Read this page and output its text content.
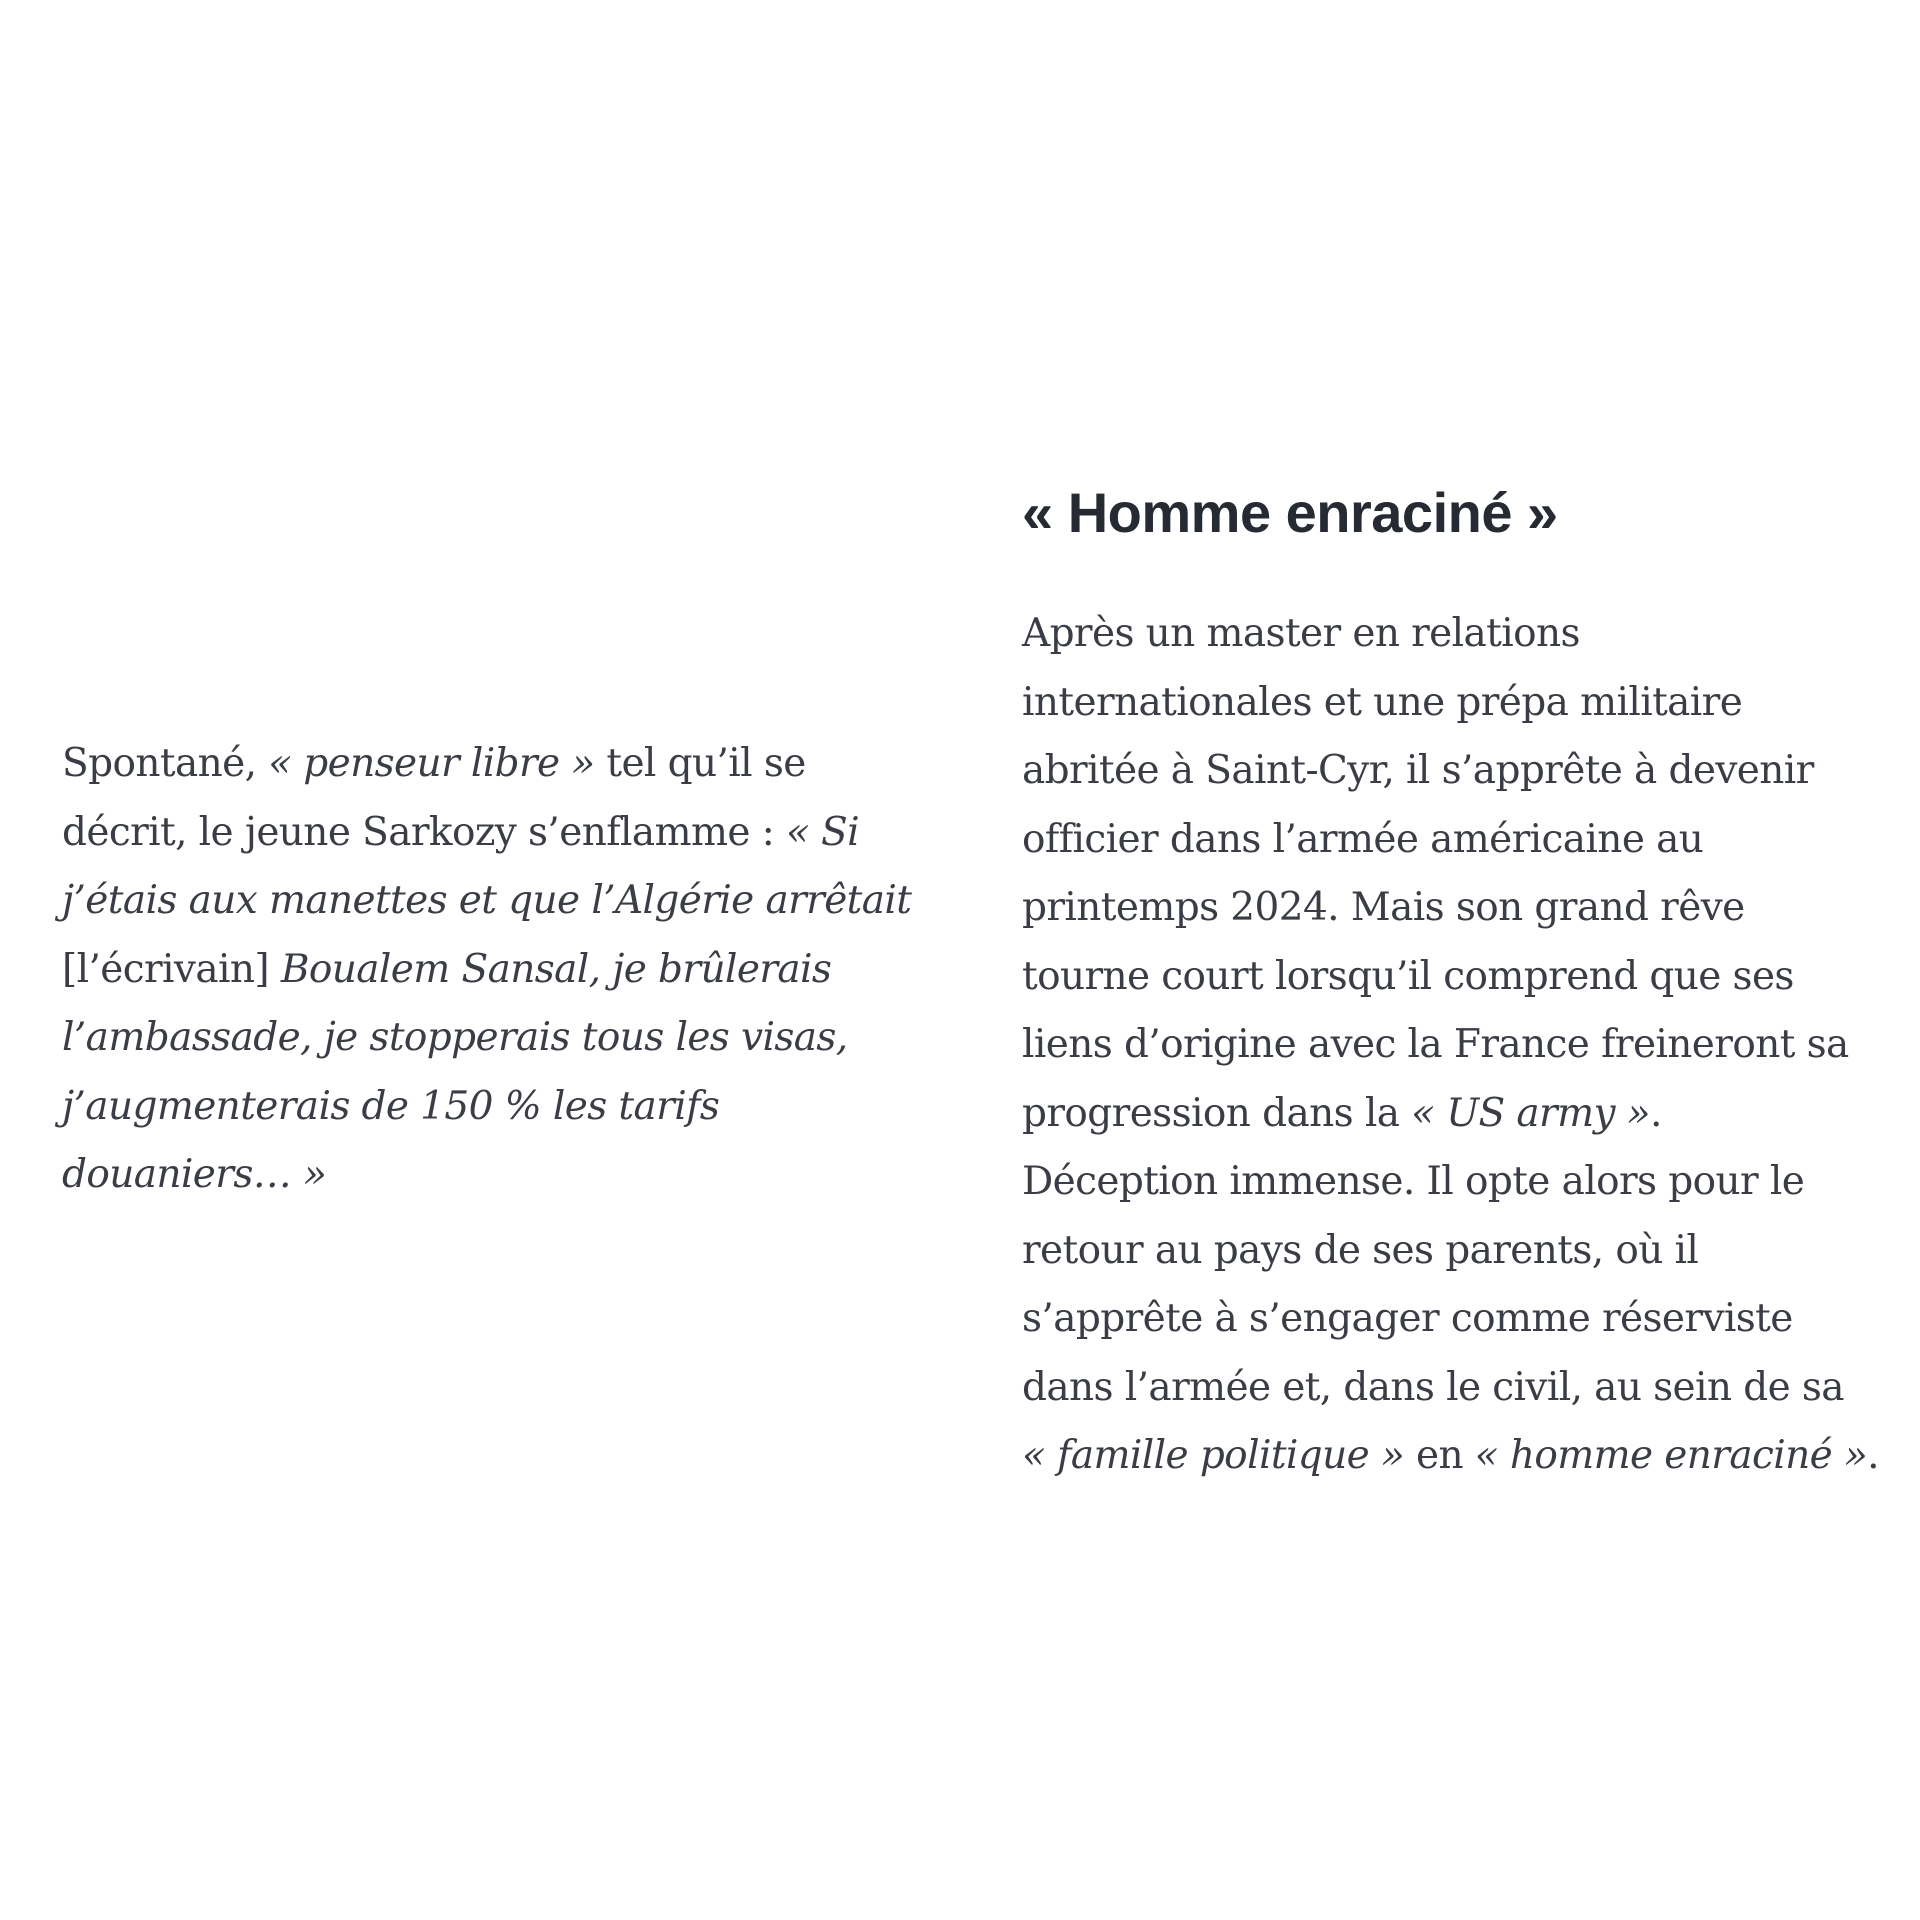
Spontané, « penseur libre » tel qu’il se
décrit, le jeune Sarkozy s’enflamme : « Si
j’étais aux manettes et que l’Algérie arrêtait
[l’écrivain] Boualem Sansal, je brûlerais
l’ambassade, je stopperais tous les visas,
j’augmenterais de 150 % les tarifs
douaniers… »
« Homme enraciné »
Après un master en relations
internationales et une prépa militaire
abritée à Saint-Cyr, il s’apprête à devenir
officier dans l’armée américaine au
printemps 2024. Mais son grand rêve
tourne court lorsqu’il comprend que ses
liens d’origine avec la France freineront sa
progression dans la « US army ».
Déception immense. Il opte alors pour le
retour au pays de ses parents, où il
s’apprête à s’engager comme réserviste
dans l’armée et, dans le civil, au sein de sa
« famille politique » en « homme enraciné ».
